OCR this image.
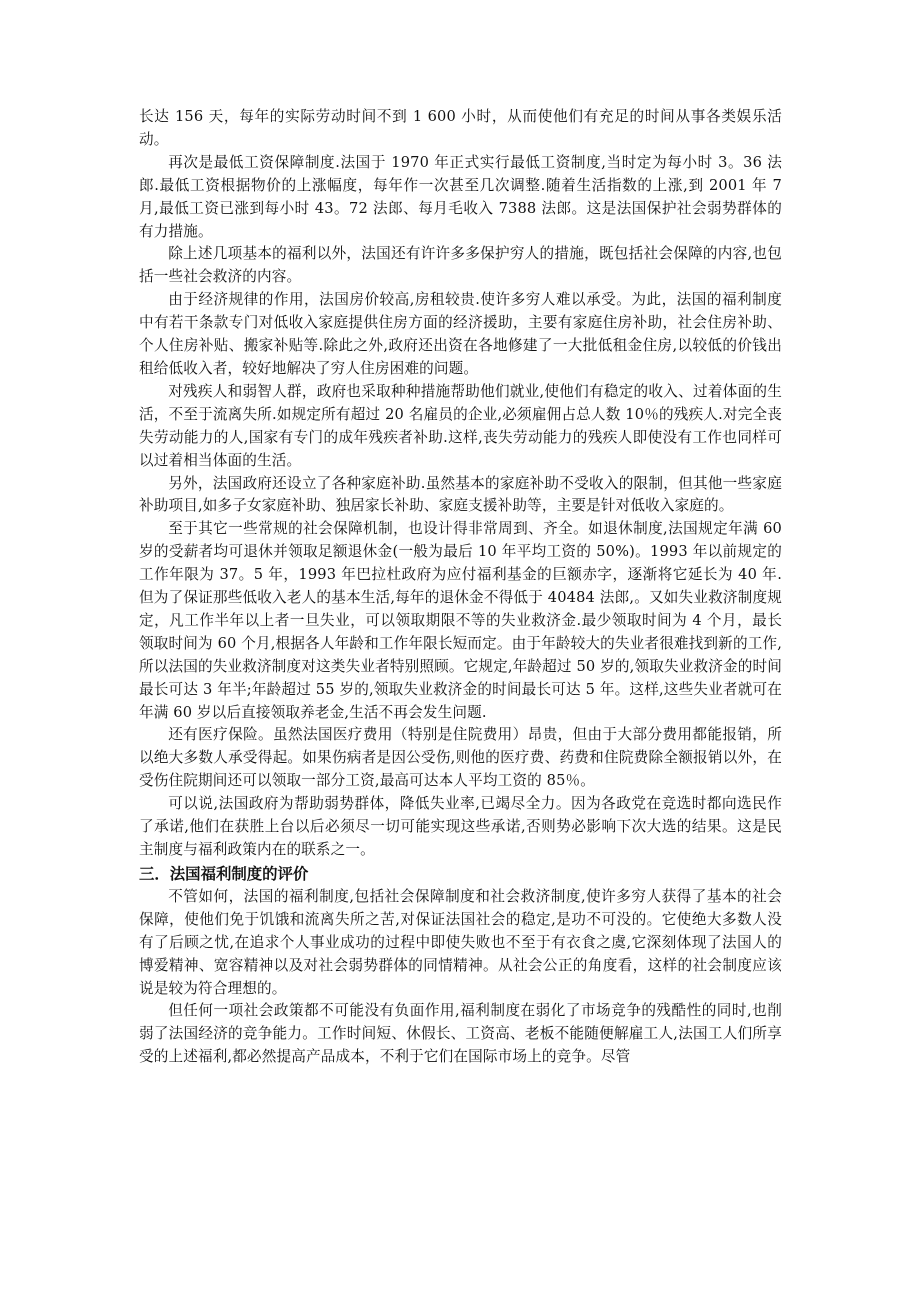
长达 156 天，每年的实际劳动时间不到 1 600 小时，从而使他们有充足的时间从事各类娱乐活动。

再次是最低工资保障制度.法国于 1970 年正式实行最低工资制度,当时定为每小时 3。36 法郎.最低工资根据物价的上涨幅度，每年作一次甚至几次调整.随着生活指数的上涨,到 2001 年 7 月,最低工资已涨到每小时 43。72 法郎、每月毛收入 7388 法郎。这是法国保护社会弱势群体的有力措施。

除上述几项基本的福利以外，法国还有许许多多保护穷人的措施，既包括社会保障的内容,也包括一些社会救济的内容。

由于经济规律的作用，法国房价较高,房租较贵.使许多穷人难以承受。为此，法国的福利制度中有若干条款专门对低收入家庭提供住房方面的经济援助，主要有家庭住房补助，社会住房补助、个人住房补贴、搬家补贴等.除此之外,政府还出资在各地修建了一大批低租金住房,以较低的价钱出租给低收入者，较好地解决了穷人住房困难的问题。

对残疾人和弱智人群，政府也采取种种措施帮助他们就业,使他们有稳定的收入、过着体面的生活，不至于流离失所.如规定所有超过 20 名雇员的企业,必须雇佣占总人数 10％的残疾人.对完全丧失劳动能力的人,国家有专门的成年残疾者补助.这样,丧失劳动能力的残疾人即使没有工作也同样可以过着相当体面的生活。

另外，法国政府还设立了各种家庭补助.虽然基本的家庭补助不受收入的限制，但其他一些家庭补助项目,如多子女家庭补助、独居家长补助、家庭支援补助等，主要是针对低收入家庭的。

至于其它一些常规的社会保障机制，也设计得非常周到、齐全。如退休制度,法国规定年满 60 岁的受薪者均可退休并领取足额退休金(一般为最后 10 年平均工资的 50%)。1993 年以前规定的工作年限为 37。5 年，1993 年巴拉杜政府为应付福利基金的巨额赤字，逐渐将它延长为 40 年.但为了保证那些低收入老人的基本生活,每年的退休金不得低于 40484 法郎,。又如失业救济制度规定，凡工作半年以上者一旦失业，可以领取期限不等的失业救济金.最少领取时间为 4 个月，最长领取时间为 60 个月,根据各人年龄和工作年限长短而定。由于年龄较大的失业者很难找到新的工作,所以法国的失业救济制度对这类失业者特别照顾。它规定,年龄超过 50 岁的,领取失业救济金的时间最长可达 3 年半;年龄超过 55 岁的,领取失业救济金的时间最长可达 5 年。这样,这些失业者就可在年满 60 岁以后直接领取养老金,生活不再会发生问题.

还有医疗保险。虽然法国医疗费用（特别是住院费用）昂贵，但由于大部分费用都能报销，所以绝大多数人承受得起。如果伤病者是因公受伤,则他的医疗费、药费和住院费除全额报销以外，在受伤住院期间还可以领取一部分工资,最高可达本人平均工资的 85％。

可以说,法国政府为帮助弱势群体，降低失业率,已竭尽全力。因为各政党在竞选时都向选民作了承诺,他们在获胜上台以后必须尽一切可能实现这些承诺,否则势必影响下次大选的结果。这是民主制度与福利政策内在的联系之一。

三．法国福利制度的评价

不管如何，法国的福利制度,包括社会保障制度和社会救济制度,使许多穷人获得了基本的社会保障，使他们免于饥饿和流离失所之苦,对保证法国社会的稳定,是功不可没的。它使绝大多数人没有了后顾之忧,在追求个人事业成功的过程中即使失败也不至于有衣食之虞,它深刻体现了法国人的博爱精神、宽容精神以及对社会弱势群体的同情精神。从社会公正的角度看，这样的社会制度应该说是较为符合理想的。

但任何一项社会政策都不可能没有负面作用,福利制度在弱化了市场竞争的残酷性的同时,也削弱了法国经济的竞争能力。工作时间短、休假长、工资高、老板不能随便解雇工人,法国工人们所享受的上述福利,都必然提高产品成本，不利于它们在国际市场上的竞争。尽管
